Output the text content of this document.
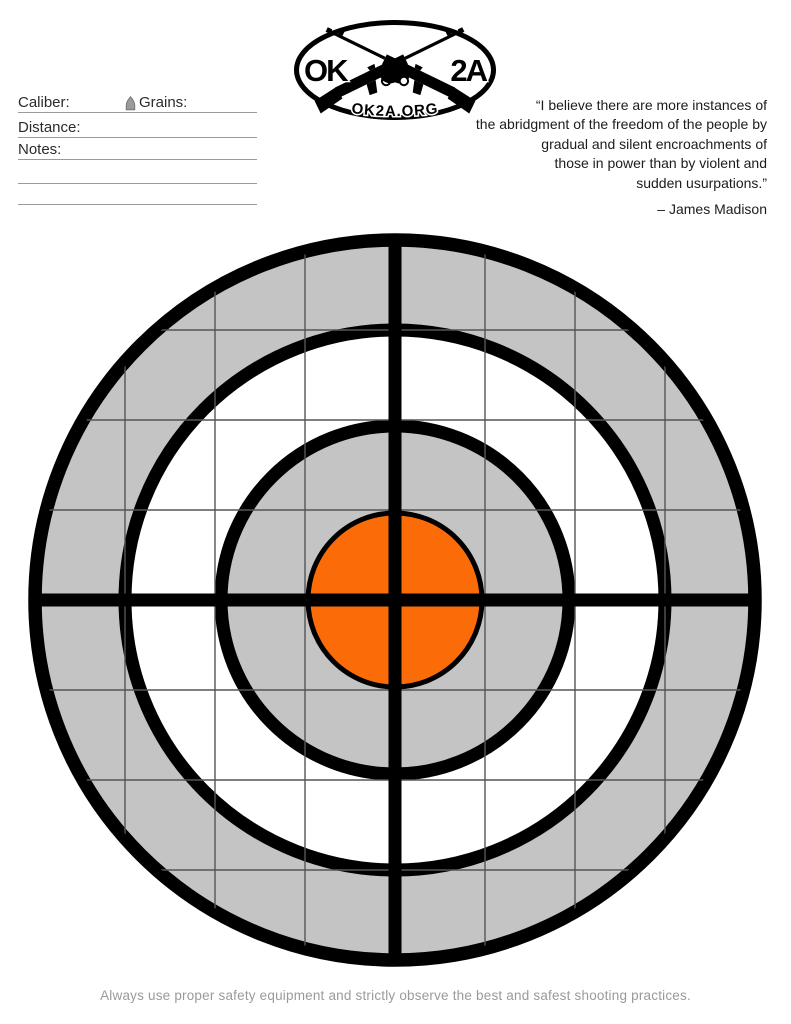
OK	2A
OK2A.ORG
Caliber:	Grains:
Distance:
Notes:
“I believe there are more instances of
the abridgment of the freedom of the people by
gradual and silent encroachments of
those in power than by violent and
sudden usurpations.”
– James Madison
Always use proper safety equipment and strictly observe the best and safest shooting practices.
